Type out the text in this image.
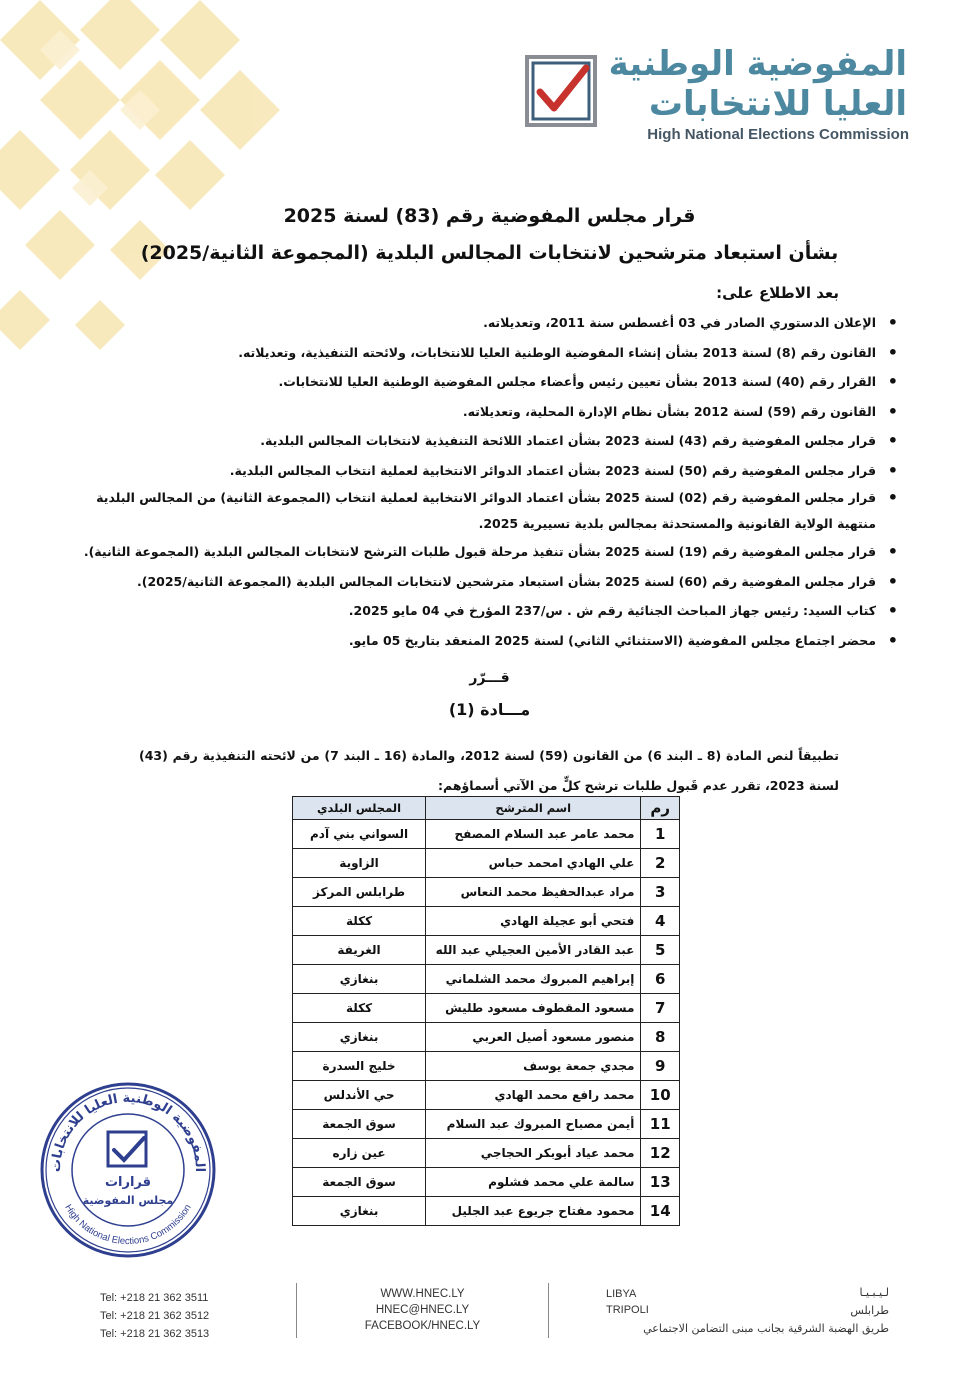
المفوضية الوطنية
العليا للانتخابات
High National Elections Commission
قرار مجلس المفوضية رقم (83) لسنة 2025
بشأن استبعاد مترشحين لانتخابات المجالس البلدية (المجموعة الثانية/2025)
بعد الاطلاع على:
• الإعلان الدستوري الصادر في 03 أغسطس سنة 2011، وتعديلاته.
• القانون رقم (8) لسنة 2013 بشأن إنشاء المفوضية الوطنية العليا للانتخابات، ولائحته التنفيذية، وتعديلاته.
• القرار رقم (40) لسنة 2013 بشأن تعيين رئيس وأعضاء مجلس المفوضية الوطنية العليا للانتخابات.
• القانون رقم (59) لسنة 2012 بشأن نظام الإدارة المحلية، وتعديلاته.
• قرار مجلس المفوضية رقم (43) لسنة 2023 بشأن اعتماد اللائحة التنفيذية لانتخابات المجالس البلدية.
• قرار مجلس المفوضية رقم (50) لسنة 2023 بشأن اعتماد الدوائر الانتخابية لعملية انتخاب المجالس البلدية.
• قرار مجلس المفوضية رقم (02) لسنة 2025 بشأن اعتماد الدوائر الانتخابية لعملية انتخاب (المجموعة الثانية) من المجالس البلدية منتهية الولاية القانونية والمستحدثة بمجالس بلدية تسييرية 2025.
• قرار مجلس المفوضية رقم (19) لسنة 2025 بشأن تنفيذ مرحلة قبول طلبات الترشح لانتخابات المجالس البلدية (المجموعة الثانية).
• قرار مجلس المفوضية رقم (60) لسنة 2025 بشأن استبعاد مترشحين لانتخابات المجالس البلدية (المجموعة الثانية/2025).
• كتاب السيد: رئيس جهاز المباحث الجنائية رقم ش . س/237 المؤرخ في 04 مايو 2025.
• محضر اجتماع مجلس المفوضية (الاستثنائي الثاني) لسنة 2025 المنعقد بتاريخ 05 مايو.
قـــرّر
مـــادة (1)
تطبيقاً لنص المادة (8 ـ البند 6) من القانون (59) لسنة 2012، والمادة (16 ـ البند 7) من لائحته التنفيذية رقم (43) لسنة 2023، تقرر عدم قَبول طلبات ترشح كلٍّ من الآتي أسماؤهم:
رم	اسم المترشح	المجلس البلدي
1	محمد عامر عبد السلام المصفح	السواني بني آدم
2	علي الهادي امحمد حباس	الزاوية
3	مراد عبدالحفيظ محمد النعاس	طرابلس المركز
4	فتحي أبو عجيلة الهادي	ككلة
5	عبد القادر الأمين العجيلي عبد الله	الغريفة
6	إبراهيم المبروك محمد الشلماني	بنغازي
7	مسعود المقطوف مسعود طليش	ككلة
8	منصور مسعود أصيل العربي	بنغازي
9	مجدي جمعة يوسف	خليج السدرة
10	محمد رافع محمد الهادي	حي الأندلس
11	أيمن مصباح المبروك عبد السلام	سوق الجمعة
12	محمد عياد أبوبكر الحجاجي	عين زاره
13	سالمة علي محمد فشلوم	سوق الجمعة
14	محمود مفتاح جريوع عبد الجليل	بنغازي
المفوضية الوطنية العليا للانتخابات
High National Elections Commission
قرارات
مجلس المفوضية
Tel: +218 21 362 3511
Tel: +218 21 362 3512
Tel: +218 21 362 3513
WWW.HNEC.LY
HNEC@HNEC.LY
FACEBOOK/HNEC.LY
LIBYA
TRIPOLI
لـيـبـيـا
طرابلس
طريق الهضبة الشرقية بجانب مبنى التضامن الاجتماعي
